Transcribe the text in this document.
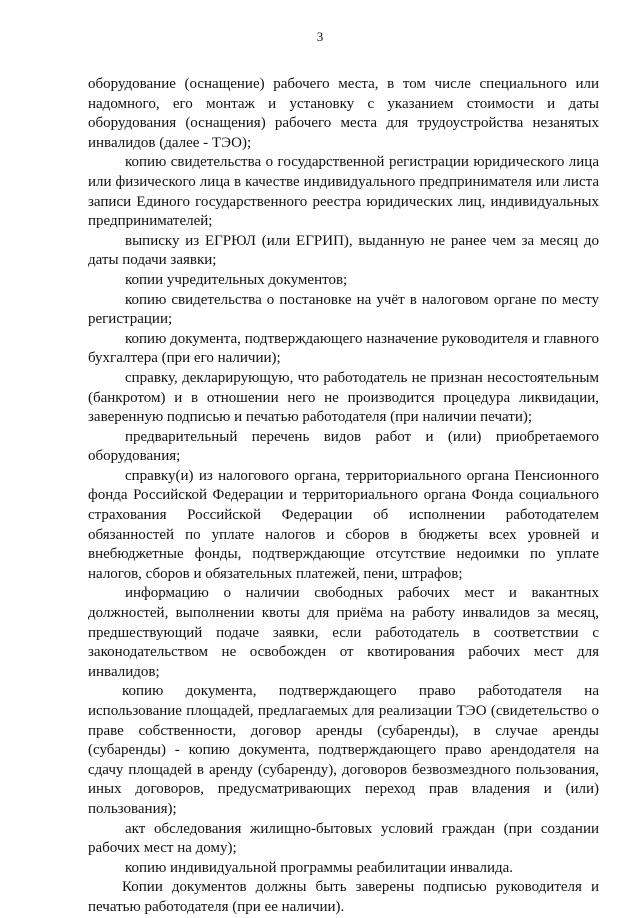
3

оборудование (оснащение) рабочего места, в том числе специального или надомного, его монтаж и установку с указанием стоимости и даты оборудования (оснащения) рабочего места для трудоустройства незанятых инвалидов (далее - ТЭО);

копию свидетельства о государственной регистрации юридического лица или физического лица в качестве индивидуального предпринимателя или листа записи Единого государственного реестра юридических лиц, индивидуальных предпринимателей;

выписку из ЕГРЮЛ (или ЕГРИП), выданную не ранее чем за месяц до даты подачи заявки;

копии учредительных документов;

копию свидетельства о постановке на учёт в налоговом органе по месту регистрации;

копию документа, подтверждающего назначение руководителя и главного бухгалтера (при его наличии);

справку, декларирующую, что работодатель не признан несостоятельным (банкротом) и в отношении него не производится процедура ликвидации, заверенную подписью и печатью работодателя (при наличии печати);

предварительный перечень видов работ и (или) приобретаемого оборудования;

справку(и) из налогового органа, территориального органа Пенсионного фонда Российской Федерации и территориального органа Фонда социального страхования Российской Федерации об исполнении работодателем обязанностей по уплате налогов и сборов в бюджеты всех уровней и внебюджетные фонды, подтверждающие отсутствие недоимки по уплате налогов, сборов и обязательных платежей, пени, штрафов;

информацию о наличии свободных рабочих мест и вакантных должностей, выполнении квоты для приёма на работу инвалидов за месяц, предшествующий подаче заявки, если работодатель в соответствии с законодательством не освобожден от квотирования рабочих мест для инвалидов;

копию документа, подтверждающего право работодателя на использование площадей, предлагаемых для реализации ТЭО (свидетельство о праве собственности, договор аренды (субаренды), в случае аренды (субаренды) - копию документа, подтверждающего право арендодателя на сдачу площадей в аренду (субаренду), договоров безвозмездного пользования, иных договоров, предусматривающих переход прав владения и (или) пользования);

акт обследования жилищно-бытовых условий граждан (при создании рабочих мест на дому);

копию индивидуальной программы реабилитации инвалида.

Копии документов должны быть заверены подписью руководителя и печатью работодателя (при ее наличии).
